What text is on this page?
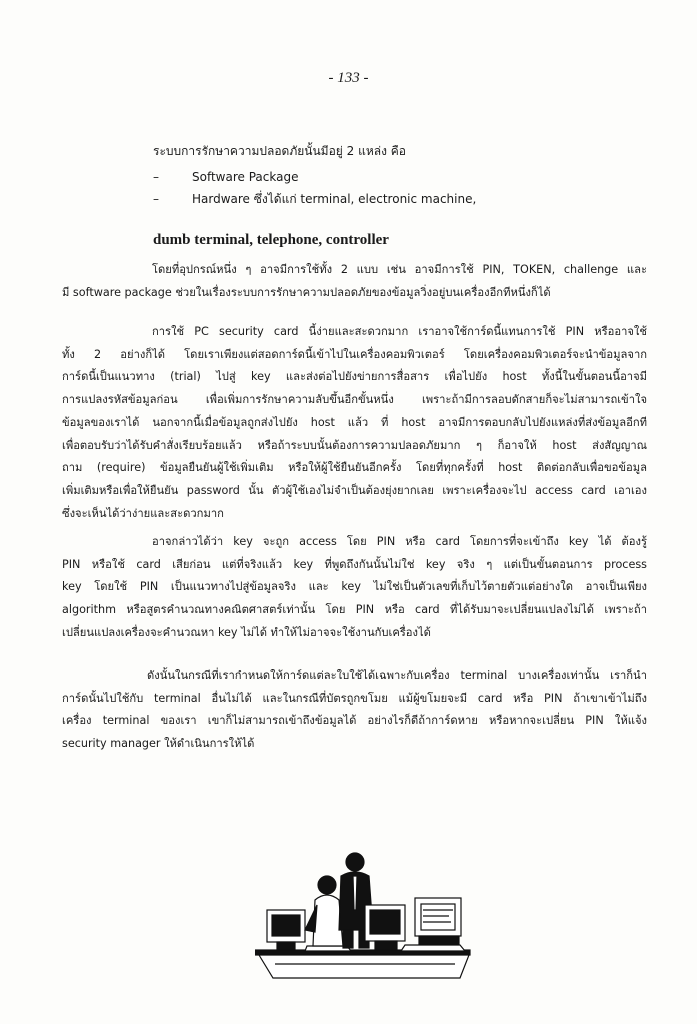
- 133 -
ระบบการรักษาความปลอดภัยนั้นมีอยู่ 2 แหล่ง คือ
–	Software Package
–	Hardware ซึ่งได้แก่ terminal, electronic machine,
dumb terminal, telephone, controller

โดยที่อุปกรณ์หนึ่ง ๆ อาจมีการใช้ทั้ง 2 แบบ เช่น อาจมีการใช้ PIN, TOKEN, challenge และ

มี software package ช่วยในเรื่องระบบการรักษาความปลอดภัยของข้อมูลวิ่งอยู่บนเครื่องอีกทีหนึ่งก็ได้

การใช้ PC security card นี้ง่ายและสะดวกมาก เราอาจใช้การ์ดนี้แทนการใช้ PIN หรืออาจใช้

ทั้ง 2 อย่างก็ได้ โดยเราเพียงแต่สอดการ์ดนี้เข้าไปในเครื่องคอมพิวเตอร์ โดยเครื่องคอมพิวเตอร์จะนำข้อมูลจาก

การ์ดนี้เป็นแนวทาง (trial) ไปสู่ key และส่งต่อไปยังข่ายการสื่อสาร เพื่อไปยัง host ทั้งนี้ในขั้นตอนนี้อาจมี

การแปลงรหัสข้อมูลก่อน เพื่อเพิ่มการรักษาความลับขึ้นอีกขั้นหนึ่ง เพราะถ้ามีการลอบดักสายก็จะไม่สามารถเข้าใจ

ข้อมูลของเราได้ นอกจากนี้เมื่อข้อมูลถูกส่งไปยัง host แล้ว ที่ host อาจมีการตอบกลับไปยังแหล่งที่ส่งข้อมูลอีกที

เพื่อตอบรับว่าได้รับคำสั่งเรียบร้อยแล้ว หรือถ้าระบบนั้นต้องการความปลอดภัยมาก ๆ ก็อาจให้ host ส่งสัญญาณ

ถาม (require) ข้อมูลยืนยันผู้ใช้เพิ่มเติม หรือให้ผู้ใช้ยืนยันอีกครั้ง โดยที่ทุกครั้งที่ host ติดต่อกลับเพื่อขอข้อมูล

เพิ่มเติมหรือเพื่อให้ยืนยัน password นั้น ตัวผู้ใช้เองไม่จำเป็นต้องยุ่งยากเลย เพราะเครื่องจะไป access card เอาเอง

ซึ่งจะเห็นได้ว่าง่ายและสะดวกมาก

อาจกล่าวได้ว่า key จะถูก access โดย PIN หรือ card โดยการที่จะเข้าถึง key ได้ ต้องรู้

PIN หรือใช้ card เสียก่อน แต่ที่จริงแล้ว key ที่พูดถึงกันนั้นไม่ใช่ key จริง ๆ แต่เป็นขั้นตอนการ process

key โดยใช้ PIN เป็นแนวทางไปสู่ข้อมูลจริง และ key ไม่ใช่เป็นตัวเลขที่เก็บไว้ตายตัวแต่อย่างใด อาจเป็นเพียง

algorithm หรือสูตรคำนวณทางคณิตศาสตร์เท่านั้น โดย PIN หรือ card ที่ได้รับมาจะเปลี่ยนแปลงไม่ได้ เพราะถ้า

เปลี่ยนแปลงเครื่องจะคำนวณหา key ไม่ได้ ทำให้ไม่อาจจะใช้งานกับเครื่องได้

ดังนั้นในกรณีที่เรากำหนดให้การ์ดแต่ละใบใช้ได้เฉพาะกับเครื่อง terminal บางเครื่องเท่านั้น เราก็นำ

การ์ดนั้นไปใช้กับ terminal อื่นไม่ได้ และในกรณีที่บัตรถูกขโมย แม้ผู้ขโมยจะมี card หรือ PIN ถ้าเขาเข้าไม่ถึง

เครื่อง terminal ของเรา เขาก็ไม่สามารถเข้าถึงข้อมูลได้ อย่างไรก็ดีถ้าการ์ดหาย หรือหากจะเปลี่ยน PIN ให้แจ้ง

security manager ให้ดำเนินการให้ได้
